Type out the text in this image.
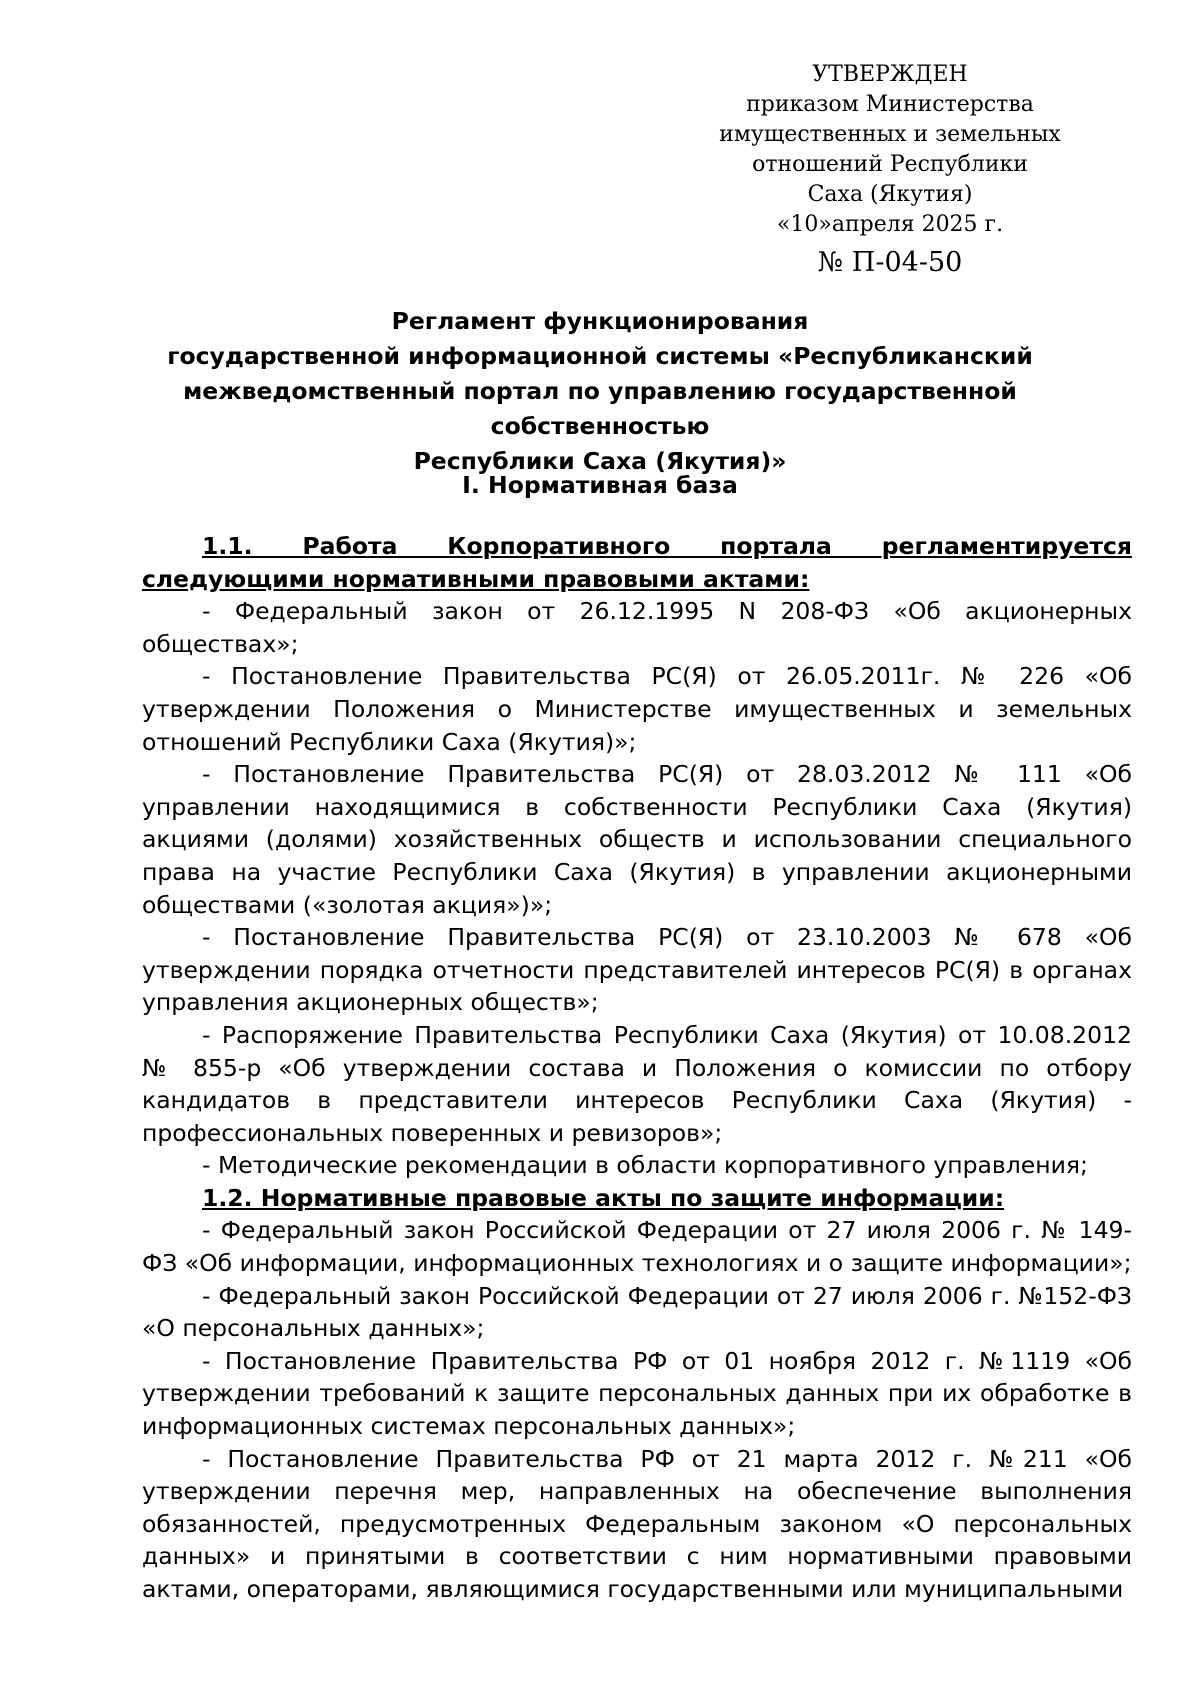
УТВЕРЖДЕН
приказом Министерства
имущественных и земельных
отношений Республики
Саха (Якутия)
«10»апреля 2025 г.
№ П-04-50
Регламент функционирования
государственной информационной системы «Республиканский
межведомственный портал по управлению государственной собственностью
Республики Саха (Якутия)»
I. Нормативная база

1.1. Работа Корпоративного портала регламентируется

следующими нормативными правовыми актами:

- Федеральный закон от 26.12.1995 N 208-ФЗ «Об акционерных обществах»;

- Постановление Правительства РС(Я) от 26.05.2011г. № 226 «Об утверждении Положения о Министерстве имущественных и земельных отношений Республики Саха (Якутия)»;

- Постановление Правительства РС(Я) от 28.03.2012 № 111 «Об управлении находящимися в собственности Республики Саха (Якутия) акциями (долями) хозяйственных обществ и использовании специального права на участие Республики Саха (Якутия) в управлении акционерными обществами («золотая акция»)»;

- Постановление Правительства РС(Я) от 23.10.2003 № 678 «Об утверждении порядка отчетности представителей интересов РС(Я) в органах управления акционерных обществ»;

- Распоряжение Правительства Республики Саха (Якутия) от 10.08.2012 № 855-р «Об утверждении состава и Положения о комиссии по отбору кандидатов в представители интересов Республики Саха (Якутия) - профессиональных поверенных и ревизоров»;

- Методические рекомендации в области корпоративного управления;

1.2. Нормативные правовые акты по защите информации:

- Федеральный закон Российской Федерации от 27 июля 2006 г. № 149-ФЗ «Об информации, информационных технологиях и о защите информации»;

- Федеральный закон Российской Федерации от 27 июля 2006 г. №152-ФЗ «О персональных данных»;

- Постановление Правительства РФ от 01 ноября 2012 г. №1119 «Об утверждении требований к защите персональных данных при их обработке в информационных системах персональных данных»;

- Постановление Правительства РФ от 21 марта 2012 г. №211 «Об утверждении перечня мер, направленных на обеспечение выполнения обязанностей, предусмотренных Федеральным законом «О персональных данных» и принятыми в соответствии с ним нормативными правовыми актами, операторами, являющимися государственными или муниципальными
